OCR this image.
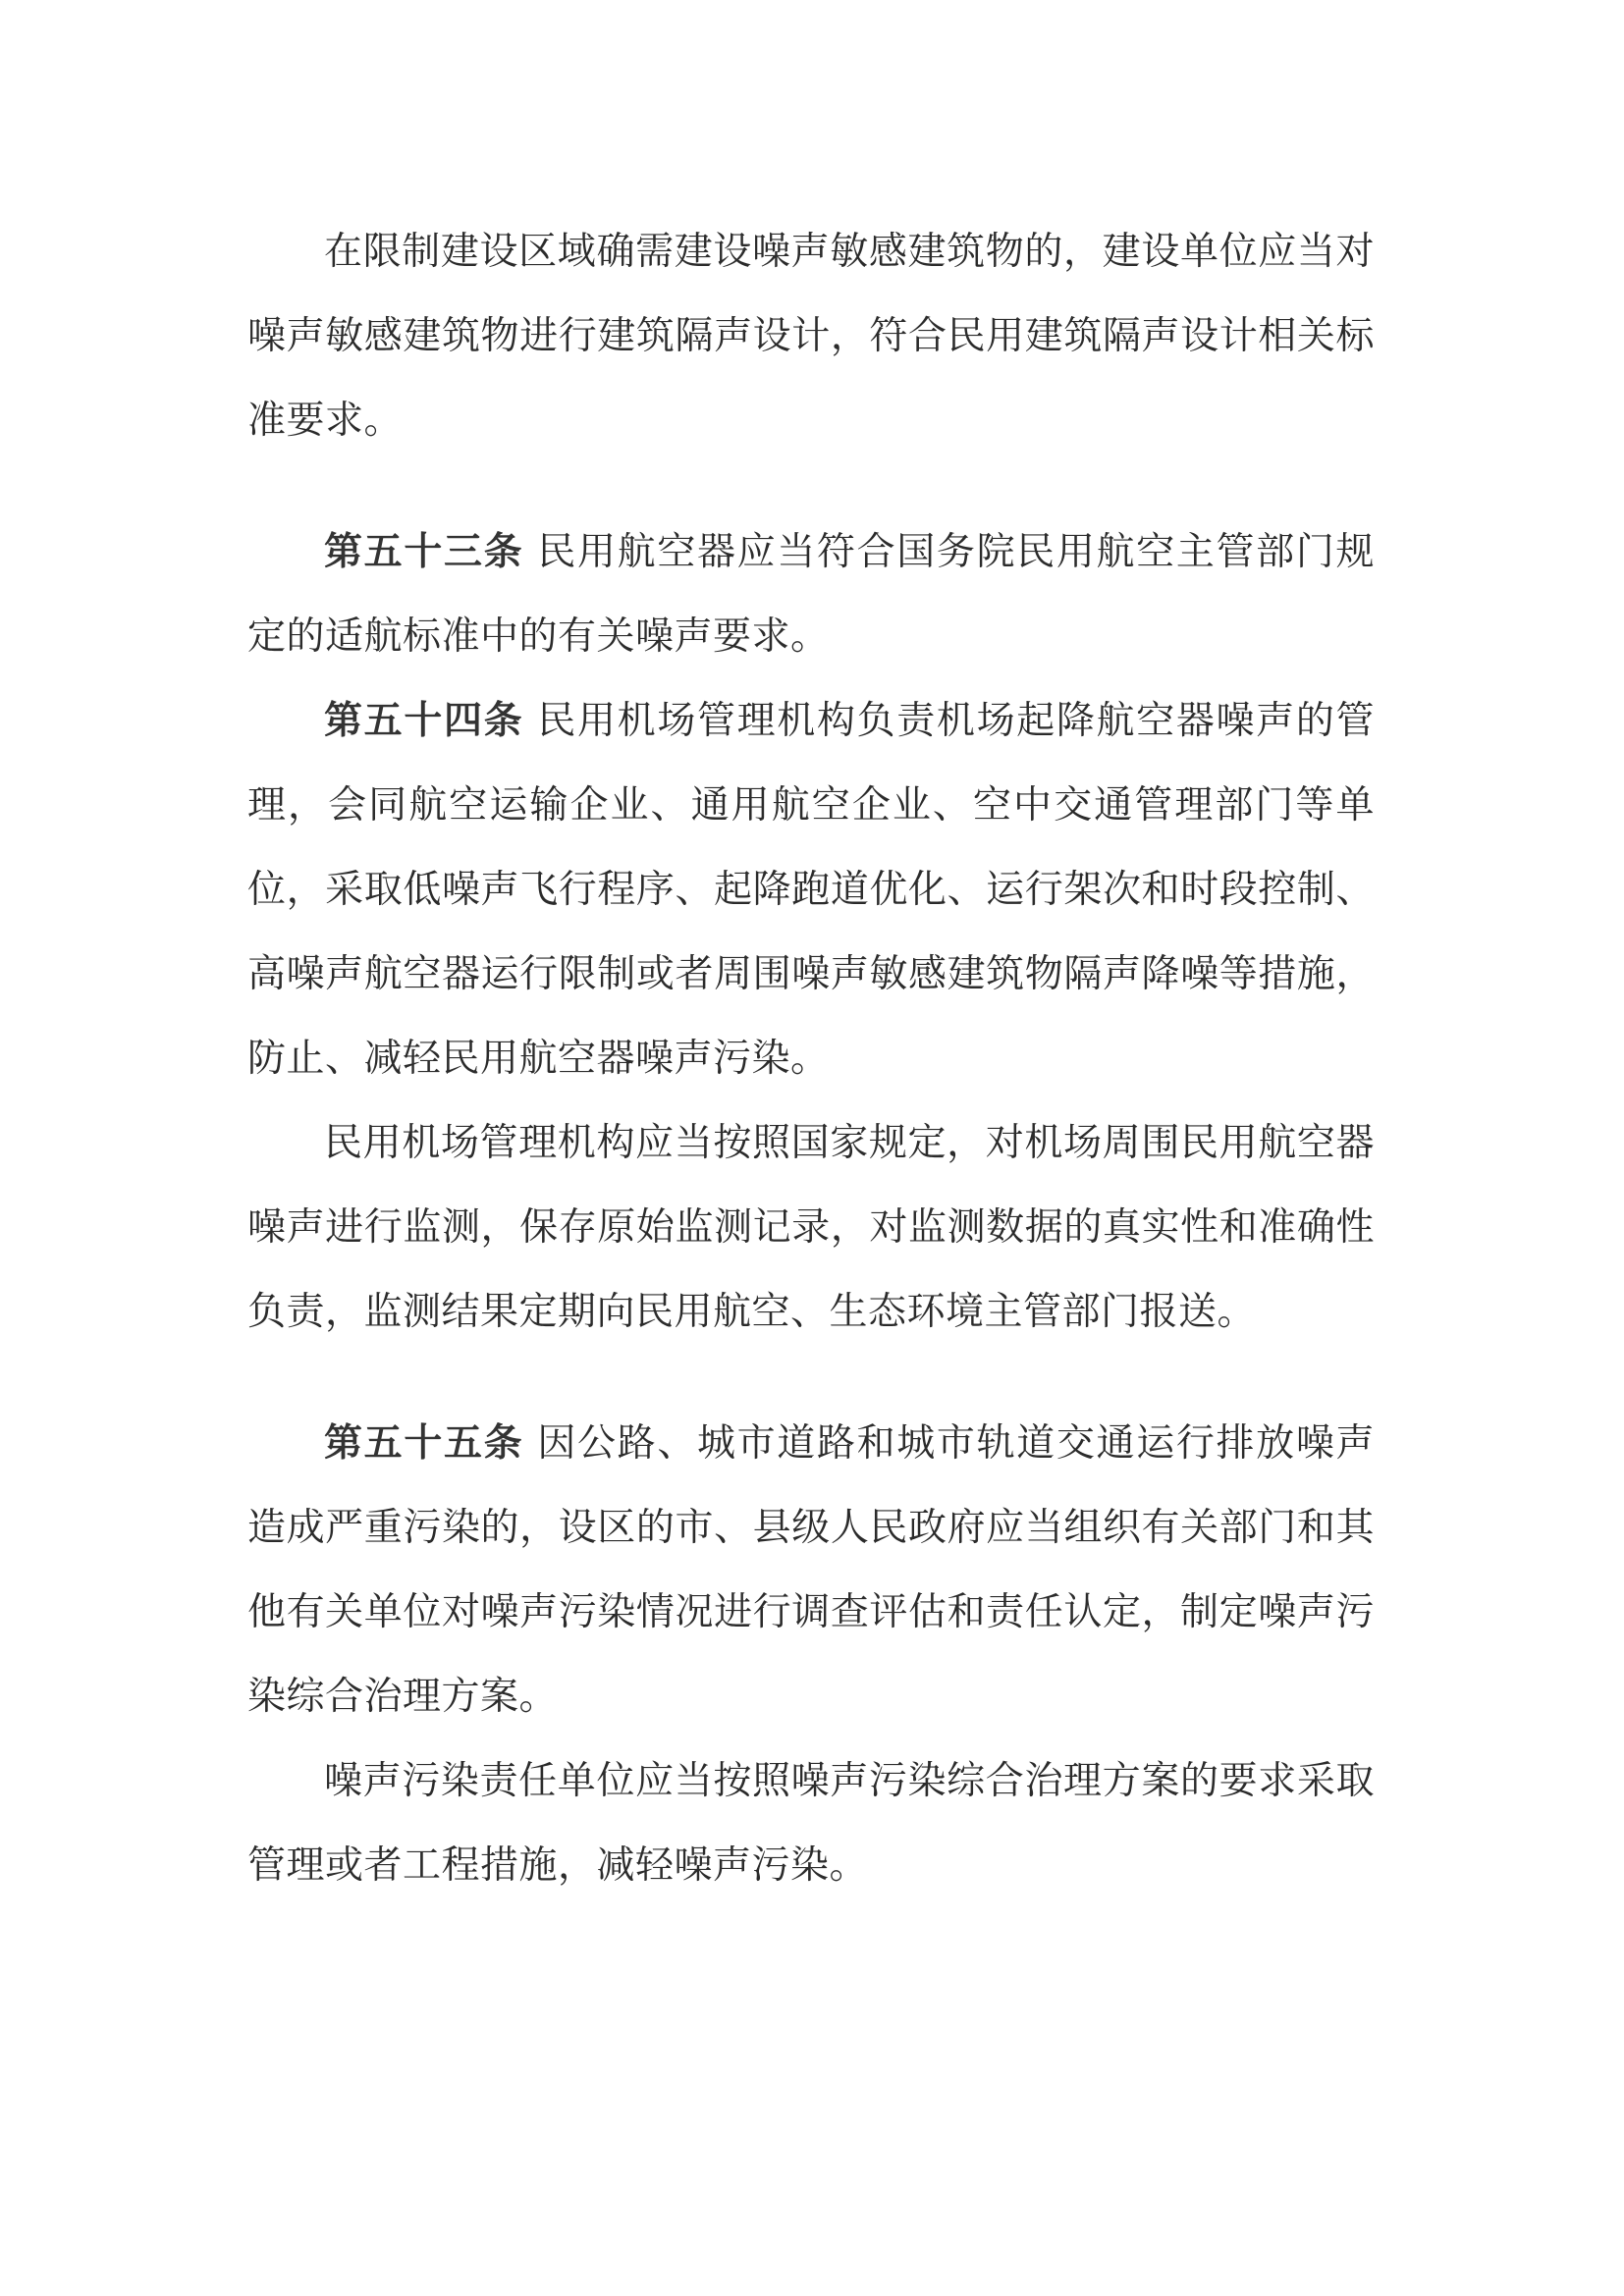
在限制建设区域确需建设噪声敏感建筑物的，建设单位应当对噪声敏感建筑物进行建筑隔声设计，符合民用建筑隔声设计相关标准要求。

第五十三条 民用航空器应当符合国务院民用航空主管部门规定的适航标准中的有关噪声要求。

第五十四条 民用机场管理机构负责机场起降航空器噪声的管理，会同航空运输企业、通用航空企业、空中交通管理部门等单位，采取低噪声飞行程序、起降跑道优化、运行架次和时段控制、高噪声航空器运行限制或者周围噪声敏感建筑物隔声降噪等措施，防止、减轻民用航空器噪声污染。

民用机场管理机构应当按照国家规定，对机场周围民用航空器噪声进行监测，保存原始监测记录，对监测数据的真实性和准确性负责，监测结果定期向民用航空、生态环境主管部门报送。

第五十五条 因公路、城市道路和城市轨道交通运行排放噪声造成严重污染的，设区的市、县级人民政府应当组织有关部门和其他有关单位对噪声污染情况进行调查评估和责任认定，制定噪声污染综合治理方案。

噪声污染责任单位应当按照噪声污染综合治理方案的要求采取管理或者工程措施，减轻噪声污染。
